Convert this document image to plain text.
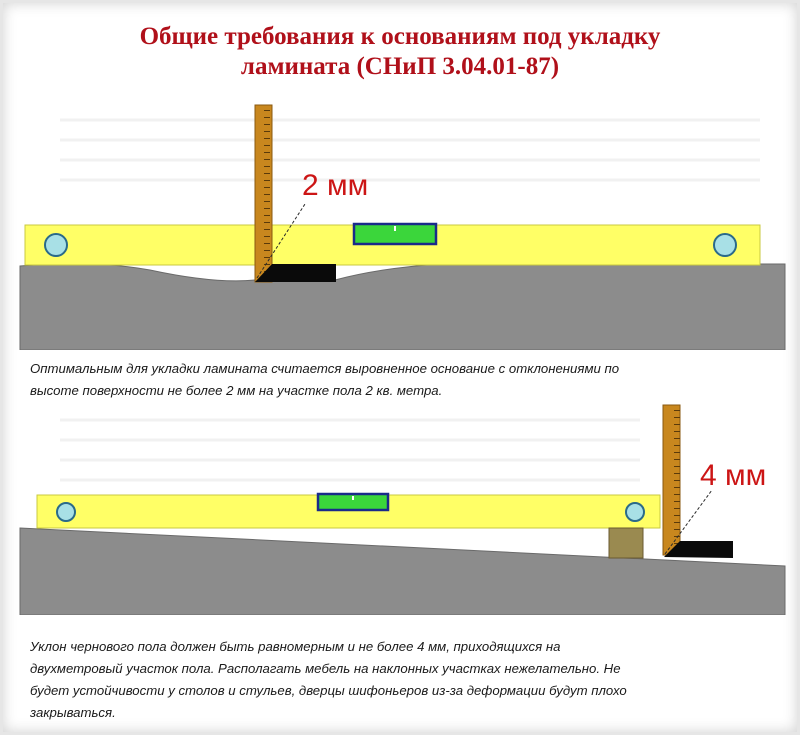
Общие требования к основаниям под укладку
ламината (СНиП 3.04.01-87)
2 мм

Оптимальным для укладки ламината считается выровненное основание с отклонениями по
высоте поверхности не более 2 мм на участке пола 2 кв. метра.

4 мм

Уклон чернового пола должен быть равномерным и не более 4 мм, приходящихся на
двухметровый участок пола. Располагать мебель на наклонных участках нежелательно. Не
будет устойчивости у столов и стульев, дверцы шифоньеров из-за деформации будут плохо
закрываться.
